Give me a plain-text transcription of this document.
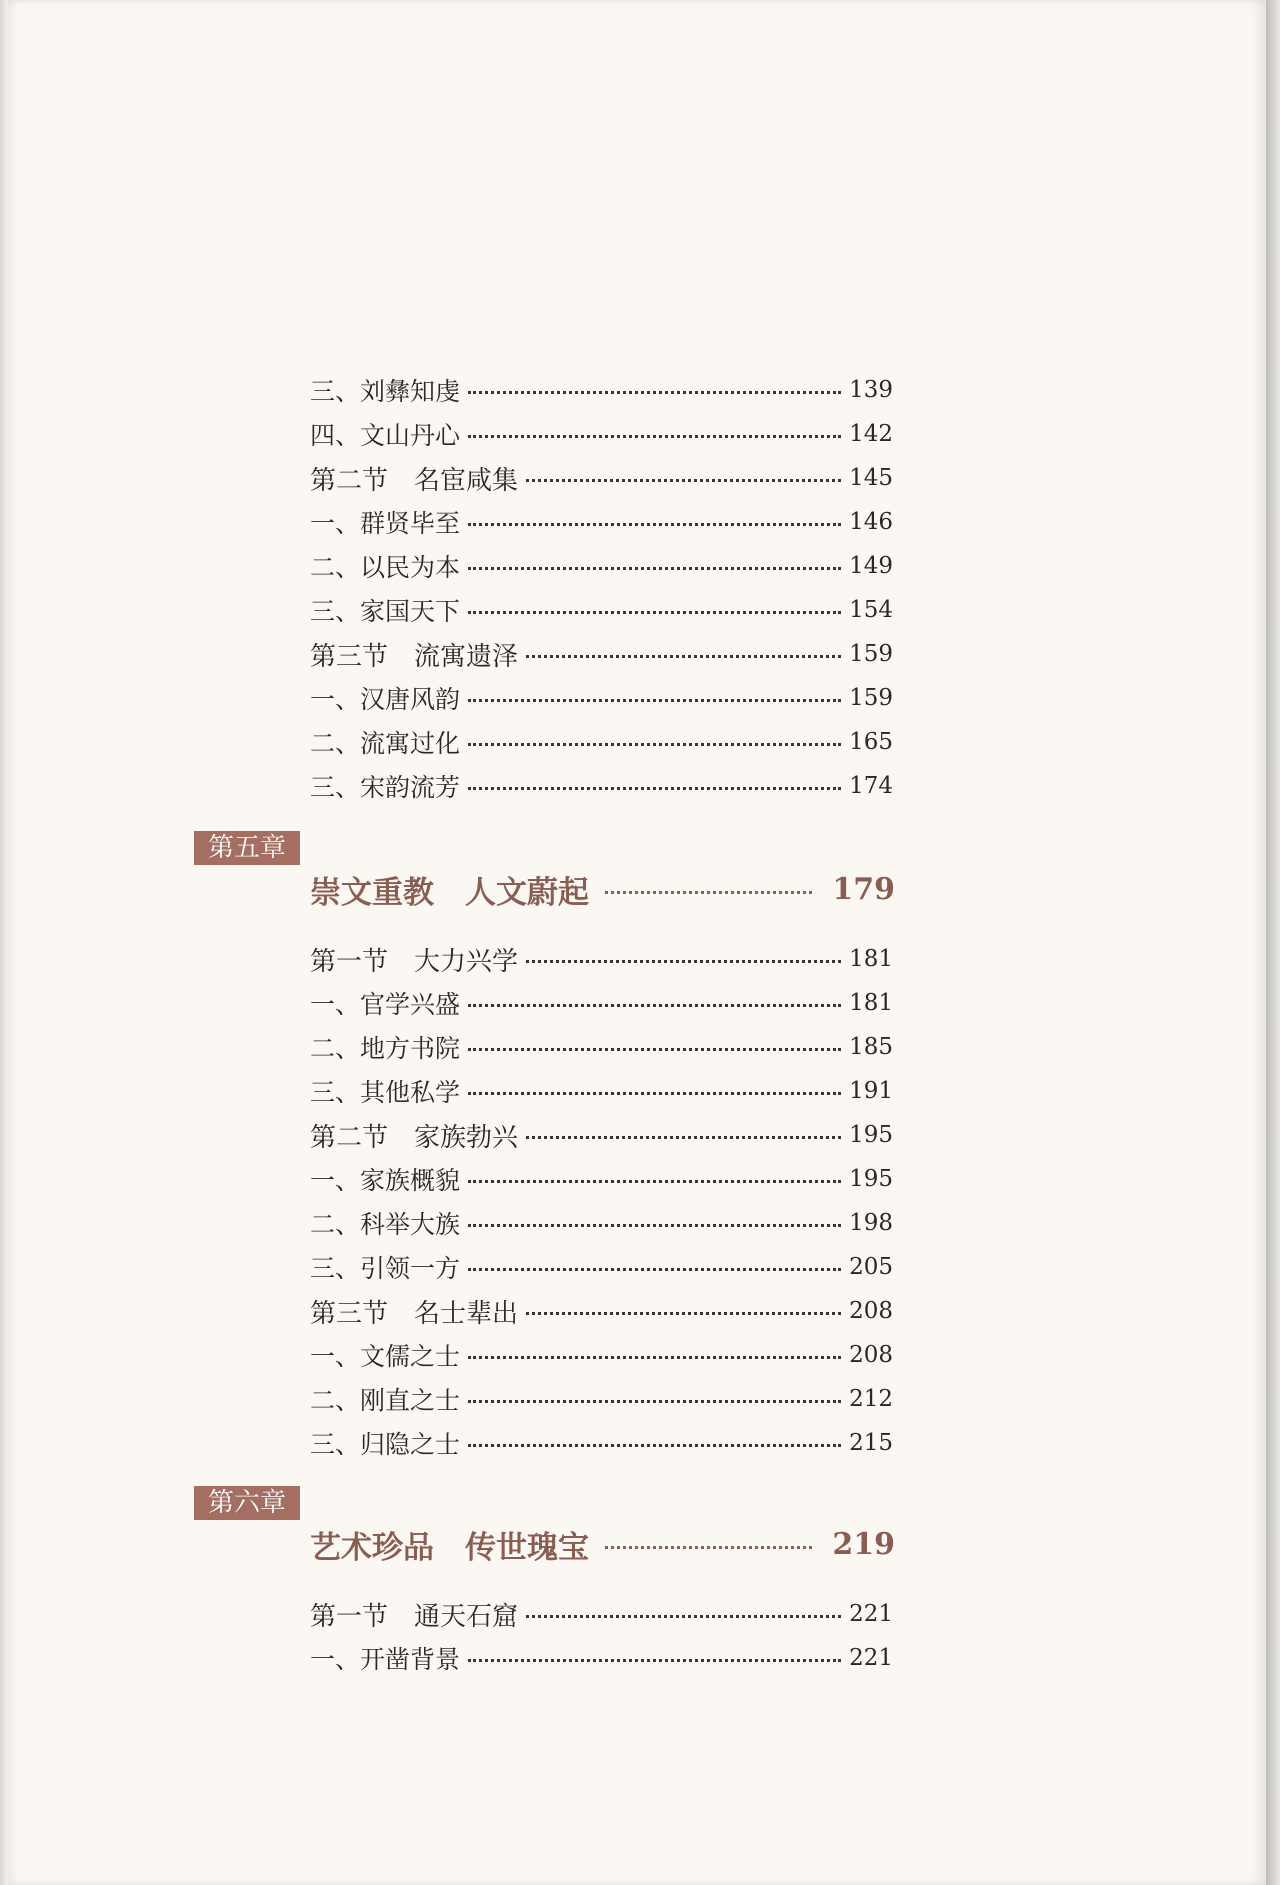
三、刘彝知虔	139
四、文山丹心	142
第二节　名宦咸集	145
一、群贤毕至	146
二、以民为本	149
三、家国天下	154
第三节　流寓遗泽	159
一、汉唐风韵	159
二、流寓过化	165
三、宋韵流芳	174
第五章
崇文重教　人文蔚起	179
第一节　大力兴学	181
一、官学兴盛	181
二、地方书院	185
三、其他私学	191
第二节　家族勃兴	195
一、家族概貌	195
二、科举大族	198
三、引领一方	205
第三节　名士辈出	208
一、文儒之士	208
二、刚直之士	212
三、归隐之士	215
第六章
艺术珍品　传世瑰宝	219
第一节　通天石窟	221
一、开凿背景	221
